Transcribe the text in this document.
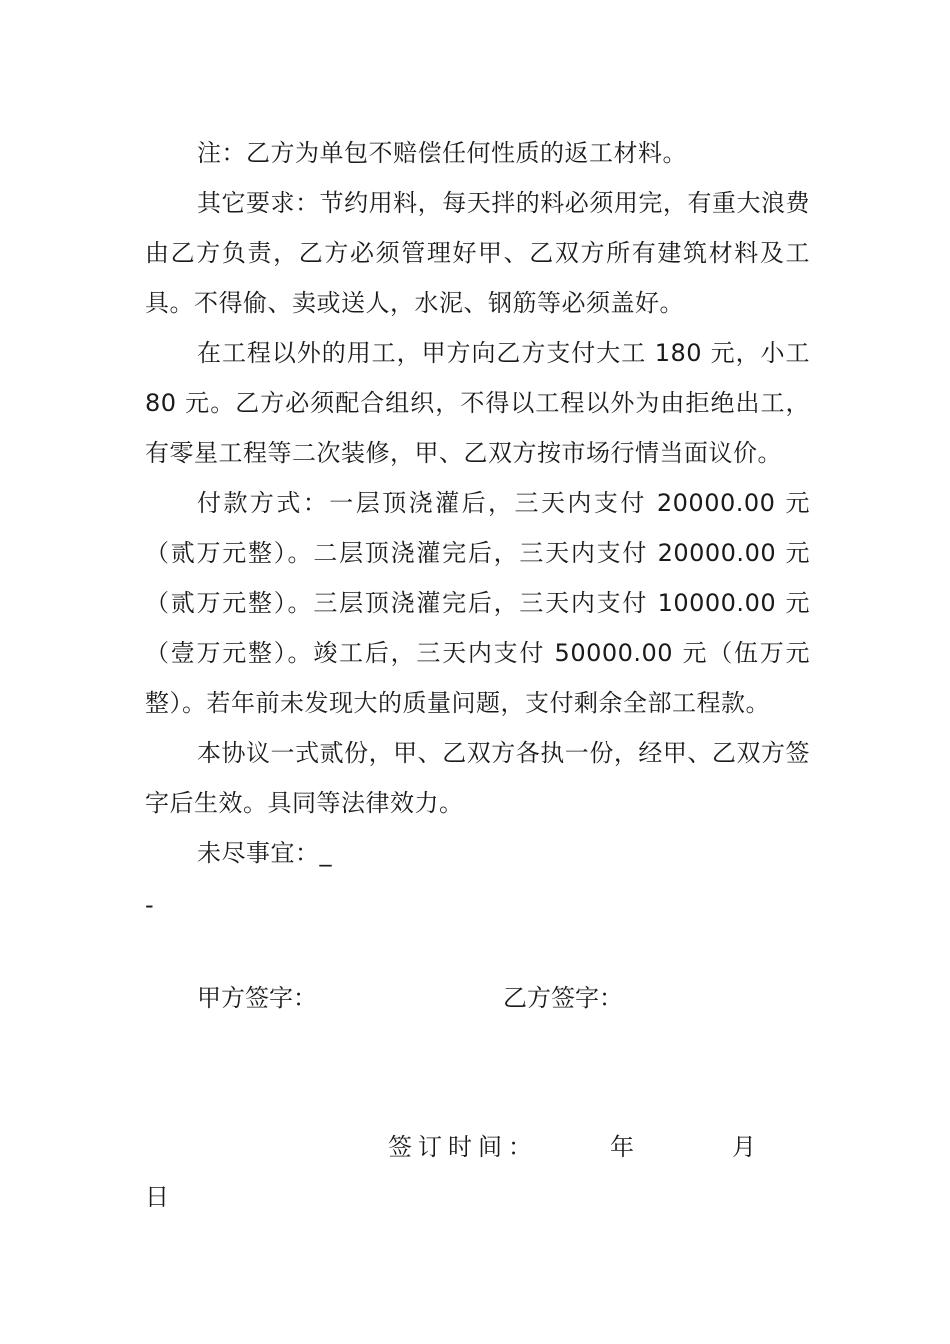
注：乙方为单包不赔偿任何性质的返工材料。

其它要求：节约用料，每天拌的料必须用完，有重大浪费由乙方负责，乙方必须管理好甲、乙双方所有建筑材料及工具。不得偷、卖或送人，水泥、钢筋等必须盖好。

在工程以外的用工，甲方向乙方支付大工 180 元，小工 80 元。乙方必须配合组织，不得以工程以外为由拒绝出工，有零星工程等二次装修，甲、乙双方按市场行情当面议价。

付款方式：一层顶浇灌后，三天内支付 20000.00 元（贰万元整）。二层顶浇灌完后，三天内支付 20000.00 元（贰万元整）。三层顶浇灌完后，三天内支付 10000.00 元（壹万元整）。竣工后，三天内支付 50000.00 元（伍万元整）。若年前未发现大的质量问题，支付剩余全部工程款。

本协议一式贰份，甲、乙双方各执一份，经甲、乙双方签字后生效。具同等法律效力。

未尽事宜：_

-
甲方签字：	乙方签字：
签订时间：	年	月
日
